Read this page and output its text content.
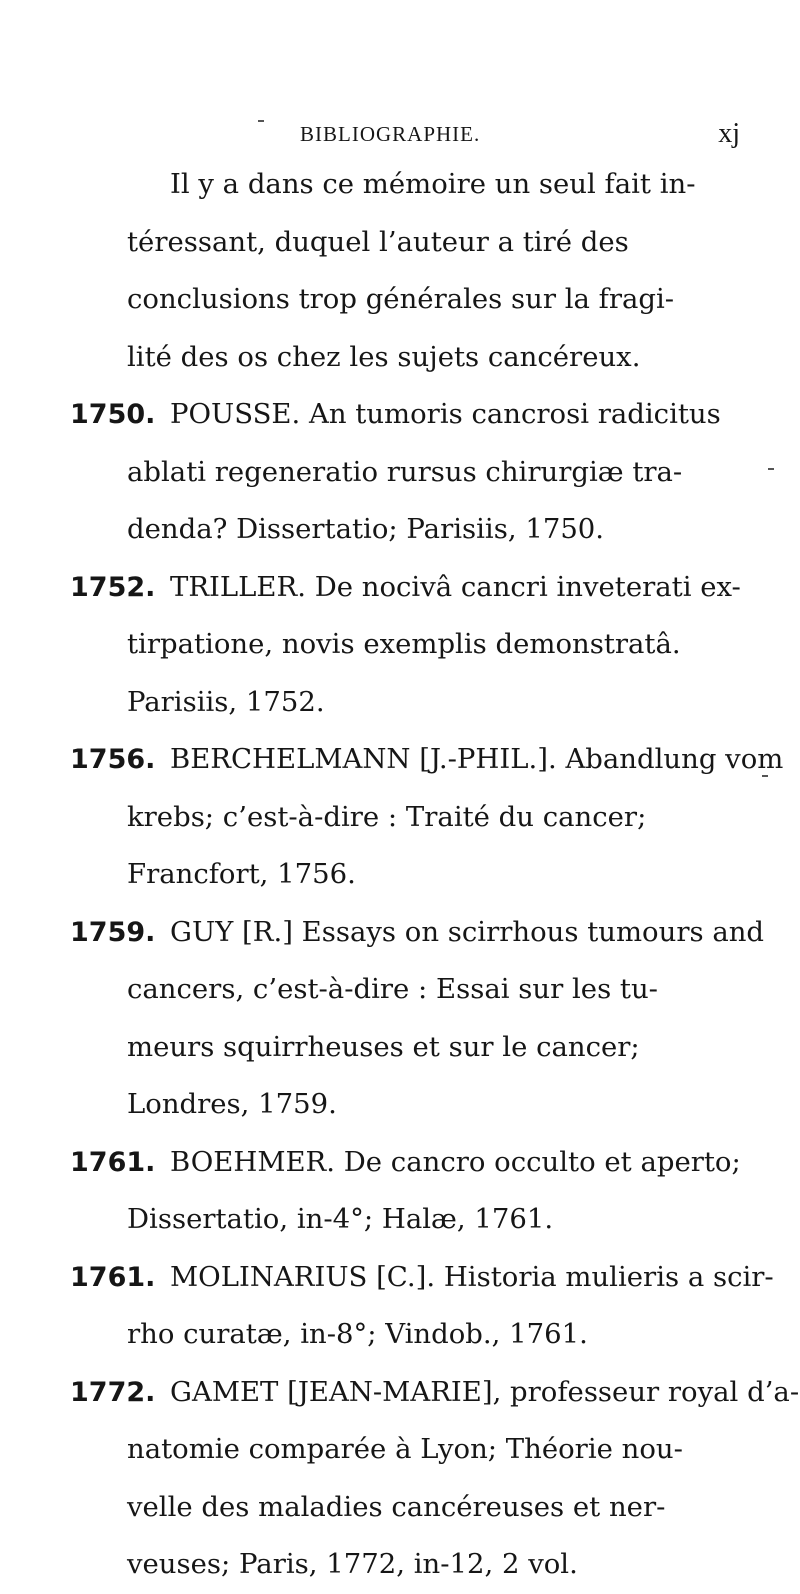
BIBLIOGRAPHIE.	xj
Il y a dans ce mémoire un seul fait in-
téressant, duquel l’auteur a tiré des
conclusions trop générales sur la fragi-
lité des os chez les sujets cancéreux.
1750. POUSSE. An tumoris cancrosi radicitus
ablati regeneratio rursus chirurgiæ tra-
denda? Dissertatio; Parisiis, 1750.
1752. TRILLER. De nocivâ cancri inveterati ex-
tirpatione, novis exemplis demonstratâ.
Parisiis, 1752.
1756. BERCHELMANN [J.-PHIL.]. Abandlung vom
krebs; c’est-à-dire : Traité du cancer;
Francfort, 1756.
1759. GUY [R.] Essays on scirrhous tumours and
cancers, c’est-à-dire : Essai sur les tu-
meurs squirrheuses et sur le cancer;
Londres, 1759.
1761. BOEHMER. De cancro occulto et aperto;
Dissertatio, in-4°; Halæ, 1761.
1761. MOLINARIUS [C.]. Historia mulieris a scir-
rho curatæ, in-8°; Vindob., 1761.
1772. GAMET [JEAN-MARIE], professeur royal d’a-
natomie comparée à Lyon; Théorie nou-
velle des maladies cancéreuses et ner-
veuses; Paris, 1772, in-12, 2 vol.
